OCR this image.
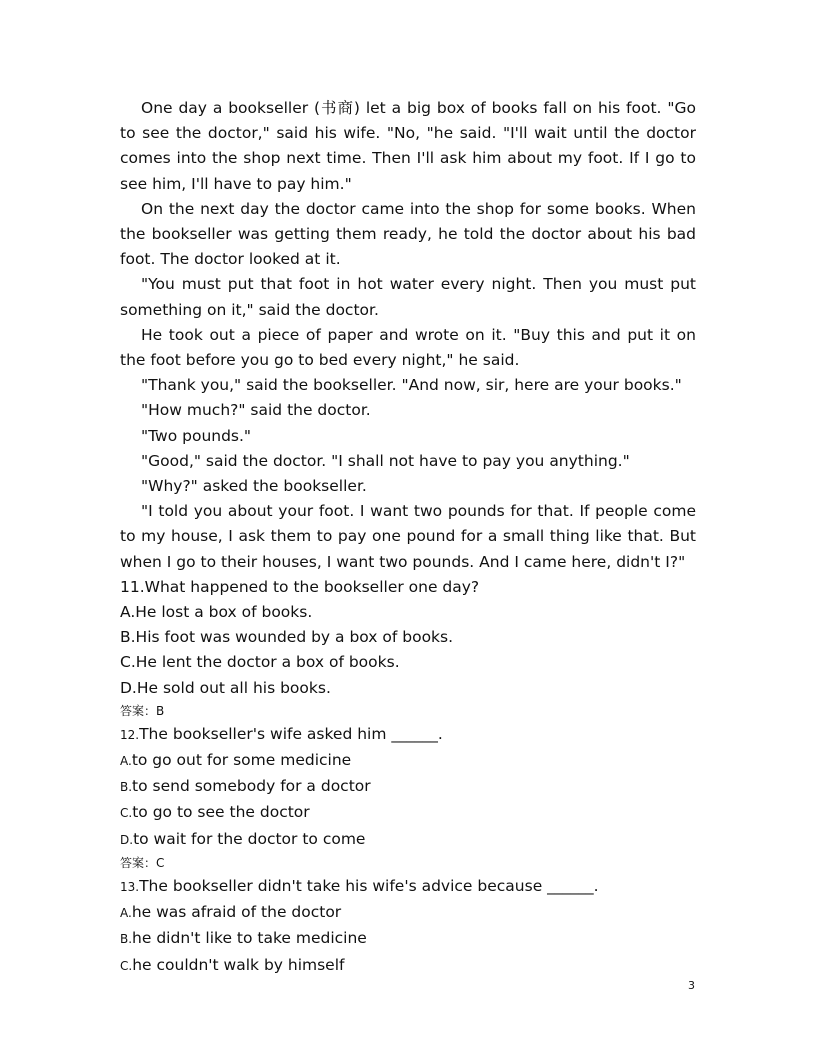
One day a bookseller (书商) let a big box of books fall on his foot. "Go to see the doctor," said his wife. "No, "he said. "I'll wait until the doctor comes into the shop next time. Then I'll ask him about my foot. If I go to see him, I'll have to pay him."

On the next day the doctor came into the shop for some books. When the bookseller was getting them ready, he told the doctor about his bad foot. The doctor looked at it.

"You must put that foot in hot water every night. Then you must put something on it," said the doctor.

He took out a piece of paper and wrote on it. "Buy this and put it on the foot before you go to bed every night," he said.

"Thank you," said the bookseller. "And now, sir, here are your books."

"How much?" said the doctor.

"Two pounds."

"Good," said the doctor. "I shall not have to pay you anything."

"Why?" asked the bookseller.

"I told you about your foot. I want two pounds for that. If people come to my house, I ask them to pay one pound for a small thing like that. But when I go to their houses, I want two pounds. And I came here, didn't I?"

11.What happened to the bookseller one day?

A.He lost a box of books.

B.His foot was wounded by a box of books.

C.He lent the doctor a box of books.

D.He sold out all his books.

答案：B

12.The bookseller's wife asked him ______.

A.to go out for some medicine

B.to send somebody for a doctor

C.to go to see the doctor

D.to wait for the doctor to come

答案：C

13.The bookseller didn't take his wife's advice because ______.

A.he was afraid of the doctor

B.he didn't like to take medicine

C.he couldn't walk by himself

3
